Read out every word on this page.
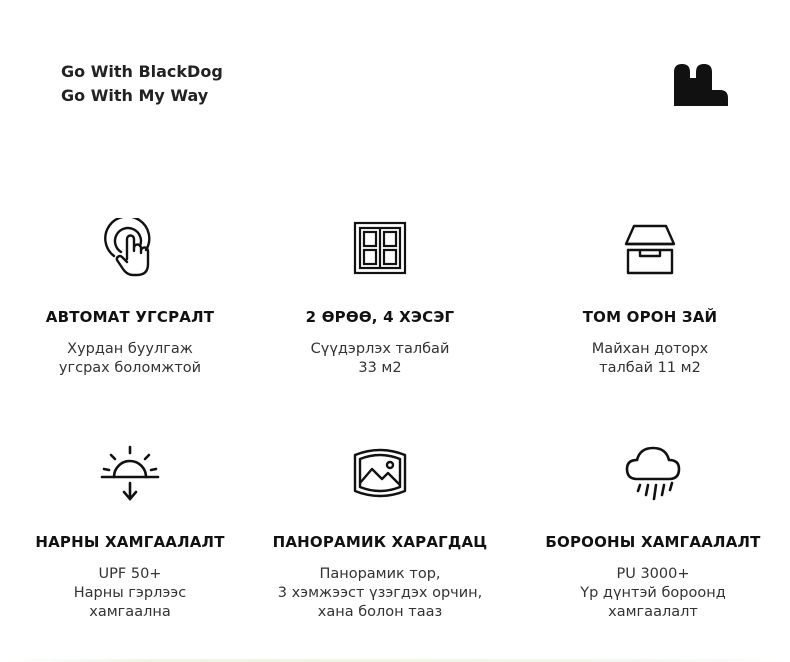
Go With BlackDog
Go With My Way
АВТОМАТ УГСРАЛТ
Хурдан буулгаж
угсрах боломжтой
2 ӨРӨӨ, 4 ХЭСЭГ
Сүүдэрлэх талбай
33 м2
ТОМ ОРОН ЗАЙ
Майхан доторх
талбай 11 м2
НАРНЫ ХАМГААЛАЛТ
UPF 50+
Нарны гэрлээс
хамгаална
ПАНОРАМИК ХАРАГДАЦ
Панорамик тор,
3 хэмжээст үзэгдэх орчин,
хана болон тааз
БОРООНЫ ХАМГААЛАЛТ
PU 3000+
Үр дүнтэй бороонд
хамгаалалт
